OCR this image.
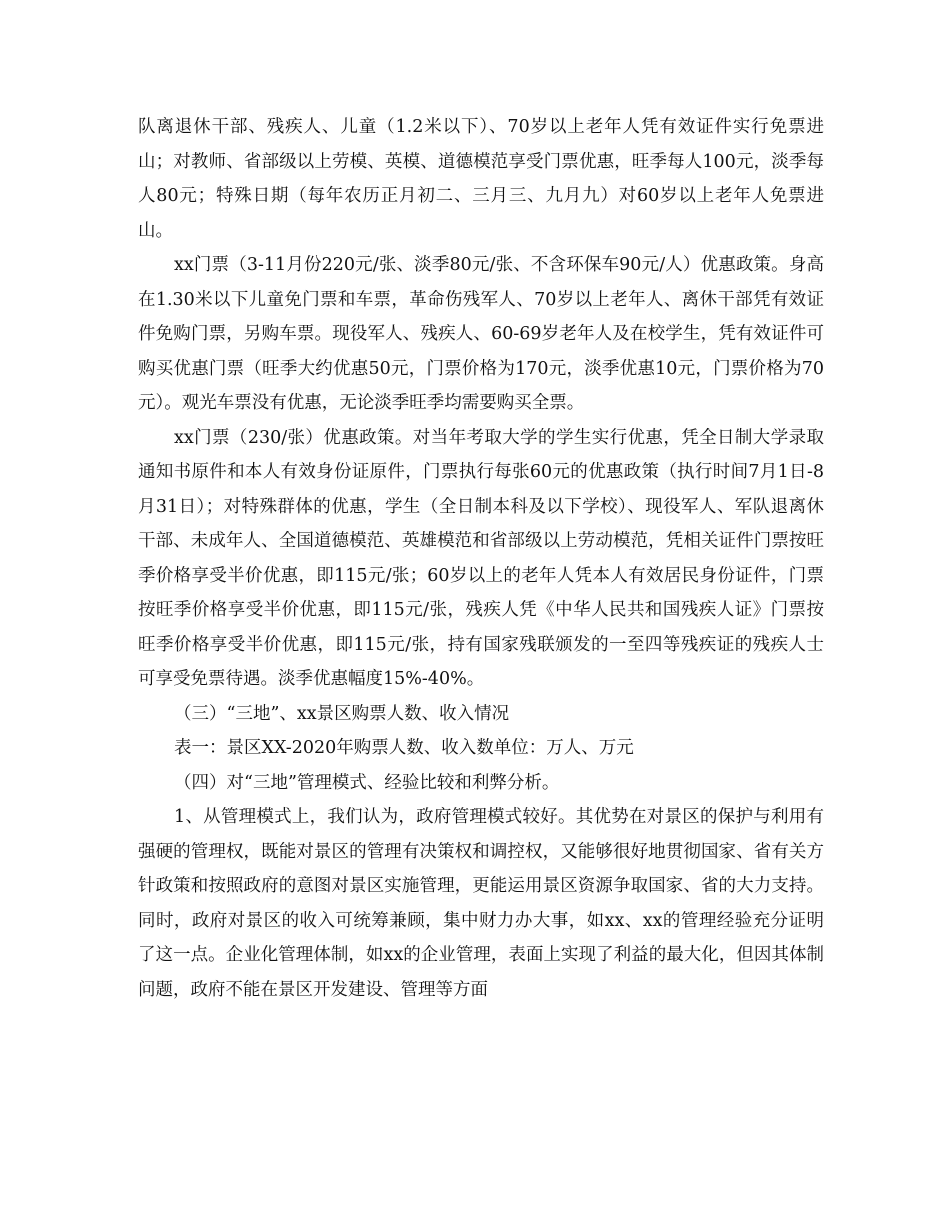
队离退休干部、残疾人、儿童（1.2米以下）、70岁以上老年人凭有效证件实行免票进山；对教师、省部级以上劳模、英模、道德模范享受门票优惠，旺季每人100元，淡季每人80元；特殊日期（每年农历正月初二、三月三、九月九）对60岁以上老年人免票进山。

xx门票（3-11月份220元/张、淡季80元/张、不含环保车90元/人）优惠政策。身高在1.30米以下儿童免门票和车票，革命伤残军人、70岁以上老年人、离休干部凭有效证件免购门票，另购车票。现役军人、残疾人、60-69岁老年人及在校学生，凭有效证件可购买优惠门票（旺季大约优惠50元，门票价格为170元，淡季优惠10元，门票价格为70元）。观光车票没有优惠，无论淡季旺季均需要购买全票。

xx门票（230/张）优惠政策。对当年考取大学的学生实行优惠，凭全日制大学录取通知书原件和本人有效身份证原件，门票执行每张60元的优惠政策（执行时间7月1日-8月31日）；对特殊群体的优惠，学生（全日制本科及以下学校）、现役军人、军队退离休干部、未成年人、全国道德模范、英雄模范和省部级以上劳动模范，凭相关证件门票按旺季价格享受半价优惠，即115元/张；60岁以上的老年人凭本人有效居民身份证件，门票按旺季价格享受半价优惠，即115元/张，残疾人凭《中华人民共和国残疾人证》门票按旺季价格享受半价优惠，即115元/张，持有国家残联颁发的一至四等残疾证的残疾人士可享受免票待遇。淡季优惠幅度15%-40%。

（三）“三地”、xx景区购票人数、收入情况

表一：景区XX-2020年购票人数、收入数单位：万人、万元

（四）对“三地”管理模式、经验比较和利弊分析。

1、从管理模式上，我们认为，政府管理模式较好。其优势在对景区的保护与利用有强硬的管理权，既能对景区的管理有决策权和调控权，又能够很好地贯彻国家、省有关方针政策和按照政府的意图对景区实施管理，更能运用景区资源争取国家、省的大力支持。同时，政府对景区的收入可统筹兼顾，集中财力办大事，如xx、xx的管理经验充分证明了这一点。企业化管理体制，如xx的企业管理，表面上实现了利益的最大化，但因其体制问题，政府不能在景区开发建设、管理等方面
